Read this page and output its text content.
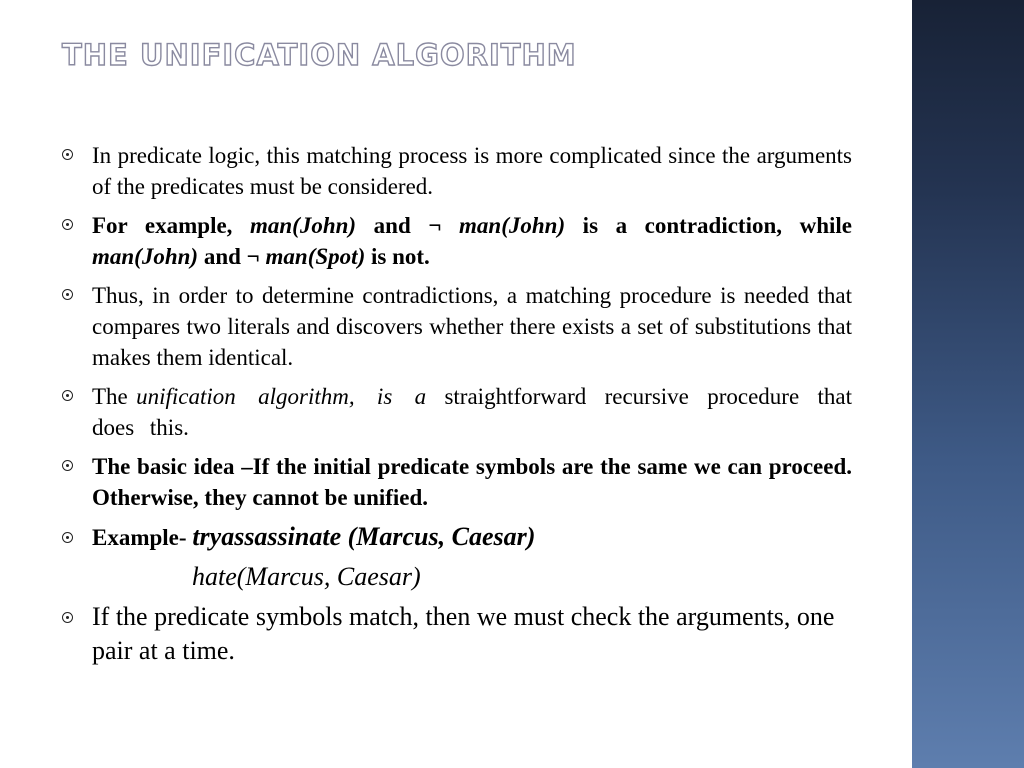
THE UNIFICATION ALGORITHM
In predicate logic, this matching process is more complicated since the arguments of the predicates must be considered.
For example, man(John) and ¬ man(John) is a contradiction, while man(John) and ¬ man(Spot) is not.
Thus, in order to determine contradictions, a matching procedure is needed that compares two literals and discovers whether there exists a set of substitutions that makes them identical.
The unification algorithm, is a straightforward recursive procedure that does this.
The basic idea –If the initial predicate symbols are the same we can proceed. Otherwise, they cannot be unified.
Example- tryassassinate (Marcus, Caesar)
hate(Marcus, Caesar)
If the predicate symbols match, then we must check the arguments, one pair at a time.
